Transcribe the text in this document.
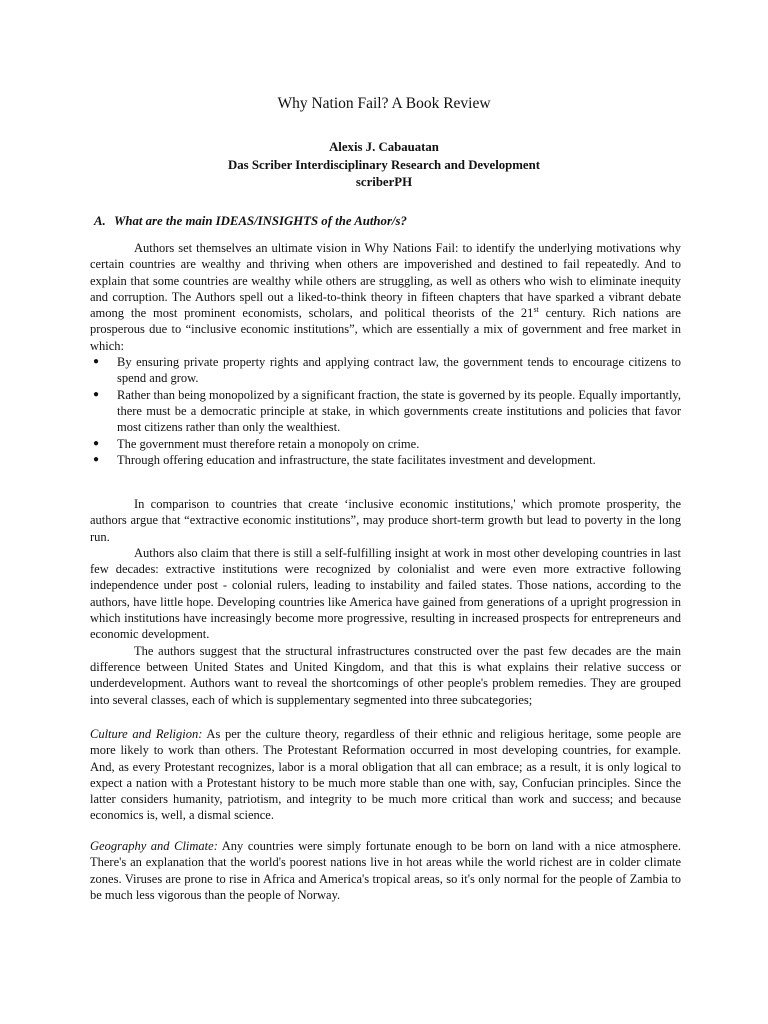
Why Nation Fail? A Book Review
Alexis J. Cabauatan
Das Scriber Interdisciplinary Research and Development
scriberPH
A. What are the main IDEAS/INSIGHTS of the Author/s?

Authors set themselves an ultimate vision in Why Nations Fail: to identify the underlying motivations why certain countries are wealthy and thriving when others are impoverished and destined to fail repeatedly. And to explain that some countries are wealthy while others are struggling, as well as others who wish to eliminate inequity and corruption. The Authors spell out a liked-to-think theory in fifteen chapters that have sparked a vibrant debate among the most prominent economists, scholars, and political theorists of the 21st century. Rich nations are prosperous due to “inclusive economic institutions”, which are essentially a mix of government and free market in which:

● By ensuring private property rights and applying contract law, the government tends to encourage citizens to spend and grow.
● Rather than being monopolized by a significant fraction, the state is governed by its people. Equally importantly, there must be a democratic principle at stake, in which governments create institutions and policies that favor most citizens rather than only the wealthiest.
● The government must therefore retain a monopoly on crime.
● Through offering education and infrastructure, the state facilitates investment and development.

In comparison to countries that create ‘inclusive economic institutions,' which promote prosperity, the authors argue that “extractive economic institutions”, may produce short-term growth but lead to poverty in the long run.

Authors also claim that there is still a self-fulfilling insight at work in most other developing countries in last few decades: extractive institutions were recognized by colonialist and were even more extractive following independence under post - colonial rulers, leading to instability and failed states. Those nations, according to the authors, have little hope. Developing countries like America have gained from generations of a upright progression in which institutions have increasingly become more progressive, resulting in increased prospects for entrepreneurs and economic development.

The authors suggest that the structural infrastructures constructed over the past few decades are the main difference between United States and United Kingdom, and that this is what explains their relative success or underdevelopment. Authors want to reveal the shortcomings of other people's problem remedies. They are grouped into several classes, each of which is supplementary segmented into three subcategories;

Culture and Religion: As per the culture theory, regardless of their ethnic and religious heritage, some people are more likely to work than others. The Protestant Reformation occurred in most developing countries, for example. And, as every Protestant recognizes, labor is a moral obligation that all can embrace; as a result, it is only logical to expect a nation with a Protestant history to be much more stable than one with, say, Confucian principles. Since the latter considers humanity, patriotism, and integrity to be much more critical than work and success; and because economics is, well, a dismal science.

Geography and Climate: Any countries were simply fortunate enough to be born on land with a nice atmosphere. There's an explanation that the world's poorest nations live in hot areas while the world richest are in colder climate zones. Viruses are prone to rise in Africa and America's tropical areas, so it's only normal for the people of Zambia to be much less vigorous than the people of Norway.
